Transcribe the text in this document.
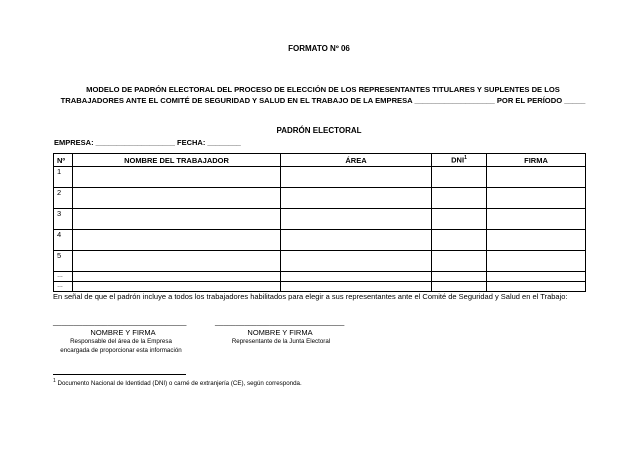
FORMATO Nº 06
MODELO DE PADRÓN ELECTORAL DEL PROCESO DE ELECCIÓN DE LOS REPRESENTANTES TITULARES Y SUPLENTES DE LOS TRABAJADORES ANTE EL COMITÉ DE SEGURIDAD Y SALUD EN EL TRABAJO DE LA EMPRESA ___________________ POR EL PERÍODO _____
PADRÓN ELECTORAL
EMPRESA: ___________________ FECHA: ________
Nº	NOMBRE DEL TRABAJADOR	ÁREA	DNI$^1$	FIRMA
1				
2				
3				
4				
5				
…				
…				
En señal de que el padrón incluye a todos los trabajadores habilitados para elegir a sus representantes ante el Comité de Seguridad y Salud en el Trabajo:
________________________________
NOMBRE Y FIRMA
Responsable del área de la Empresa encargada de proporcionar esta información
_______________________________
NOMBRE Y FIRMA
Representante de la Junta Electoral
$^1$ Documento Nacional de Identidad (DNI) o carné de extranjería (CE), según corresponda.
